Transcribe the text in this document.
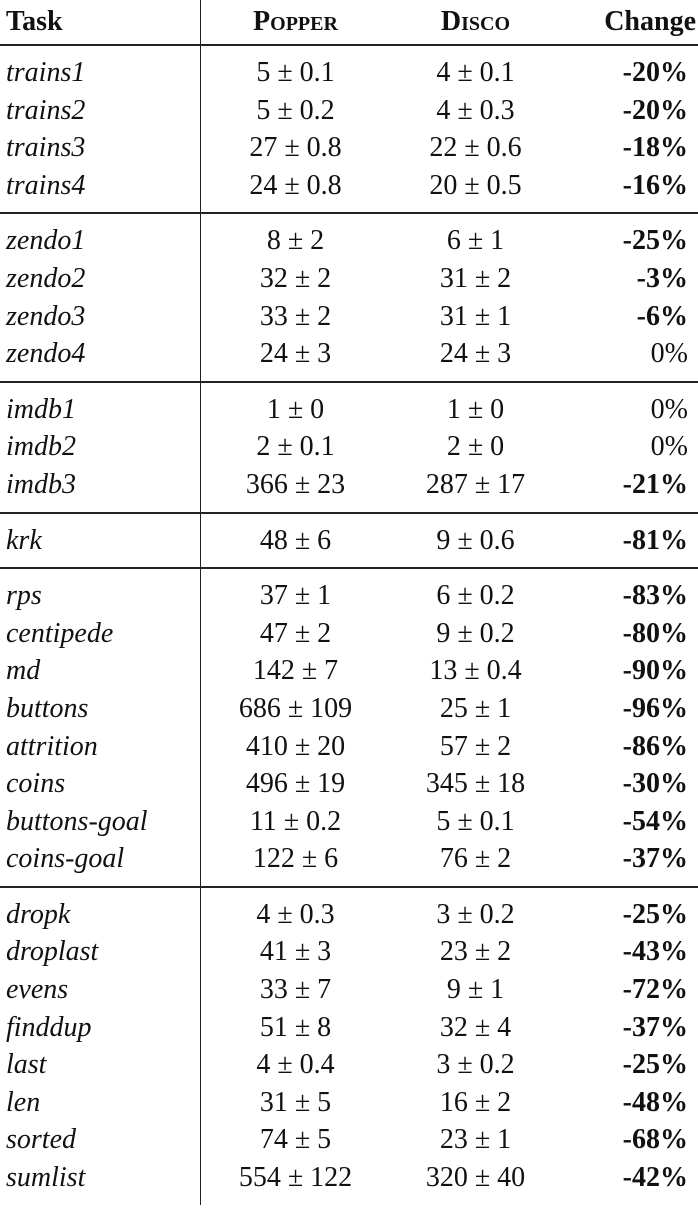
Task	Popper	Disco	Change

trains1	5 ± 0.1	4 ± 0.1	-20%
trains2	5 ± 0.2	4 ± 0.3	-20%
trains3	27 ± 0.8	22 ± 0.6	-18%
trains4	24 ± 0.8	20 ± 0.5	-16%

zendo1	8 ± 2	6 ± 1	-25%
zendo2	32 ± 2	31 ± 2	-3%
zendo3	33 ± 2	31 ± 1	-6%
zendo4	24 ± 3	24 ± 3	0%

imdb1	1 ± 0	1 ± 0	0%
imdb2	2 ± 0.1	2 ± 0	0%
imdb3	366 ± 23	287 ± 17	-21%

krk	48 ± 6	9 ± 0.6	-81%

rps	37 ± 1	6 ± 0.2	-83%
centipede	47 ± 2	9 ± 0.2	-80%
md	142 ± 7	13 ± 0.4	-90%
buttons	686 ± 109	25 ± 1	-96%
attrition	410 ± 20	57 ± 2	-86%
coins	496 ± 19	345 ± 18	-30%
buttons-goal	11 ± 0.2	5 ± 0.1	-54%
coins-goal	122 ± 6	76 ± 2	-37%

dropk	4 ± 0.3	3 ± 0.2	-25%
droplast	41 ± 3	23 ± 2	-43%
evens	33 ± 7	9 ± 1	-72%
finddup	51 ± 8	32 ± 4	-37%
last	4 ± 0.4	3 ± 0.2	-25%
len	31 ± 5	16 ± 2	-48%
sorted	74 ± 5	23 ± 1	-68%
sumlist	554 ± 122	320 ± 40	-42%
